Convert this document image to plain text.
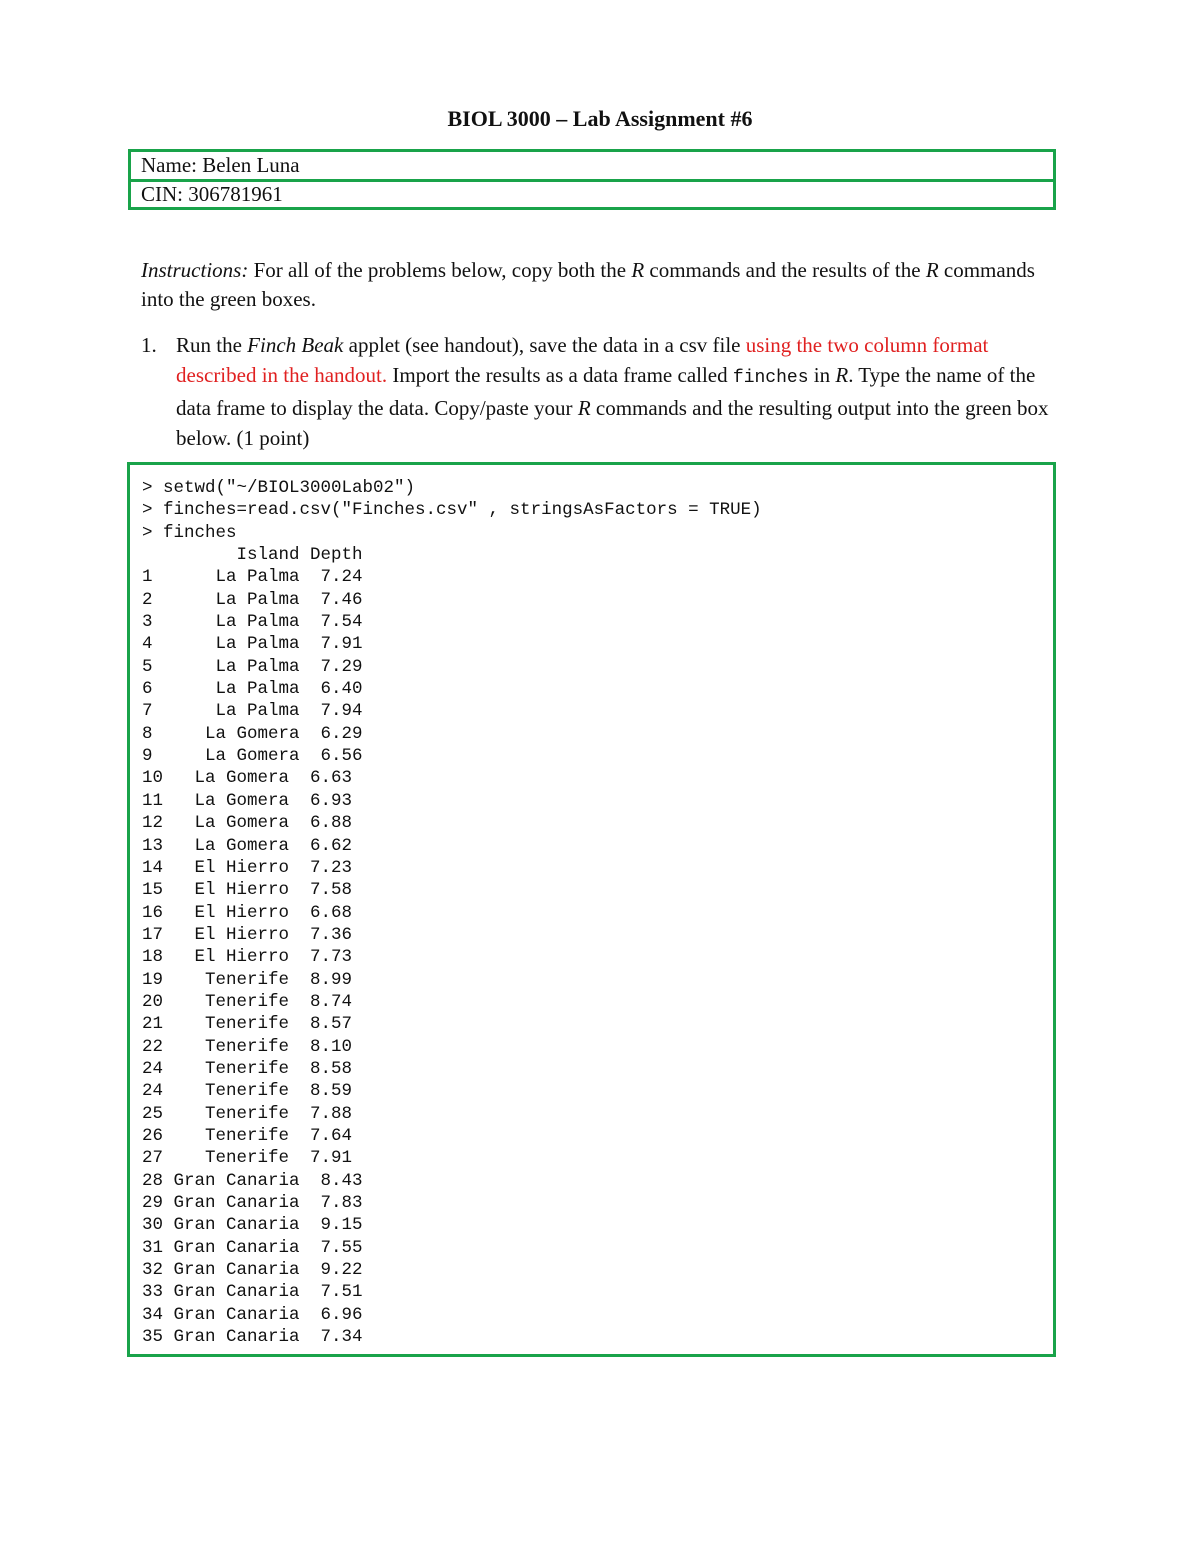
BIOL 3000 – Lab Assignment #6
Name: Belen Luna
CIN: 306781961
Instructions: For all of the problems below, copy both the R commands and the results of the R commands into the green boxes.
1. Run the Finch Beak applet (see handout), save the data in a csv file using the two column format described in the handout. Import the results as a data frame called finches in R. Type the name of the data frame to display the data. Copy/paste your R commands and the resulting output into the green box below. (1 point)
> setwd("~/BIOL3000Lab02")
> finches=read.csv("Finches.csv" , stringsAsFactors = TRUE)
> finches
Island Depth
1      La Palma  7.24
2      La Palma  7.46
3      La Palma  7.54
4      La Palma  7.91
5      La Palma  7.29
6      La Palma  6.40
7      La Palma  7.94
8     La Gomera  6.29
9     La Gomera  6.56
10   La Gomera  6.63
11   La Gomera  6.93
12   La Gomera  6.88
13   La Gomera  6.62
14   El Hierro  7.23
15   El Hierro  7.58
16   El Hierro  6.68
17   El Hierro  7.36
18   El Hierro  7.73
19    Tenerife  8.99
20    Tenerife  8.74
21    Tenerife  8.57
22    Tenerife  8.10
24    Tenerife  8.58
24    Tenerife  8.59
25    Tenerife  7.88
26    Tenerife  7.64
27    Tenerife  7.91
28 Gran Canaria  8.43
29 Gran Canaria  7.83
30 Gran Canaria  9.15
31 Gran Canaria  7.55
32 Gran Canaria  9.22
33 Gran Canaria  7.51
34 Gran Canaria  6.96
35 Gran Canaria  7.34
